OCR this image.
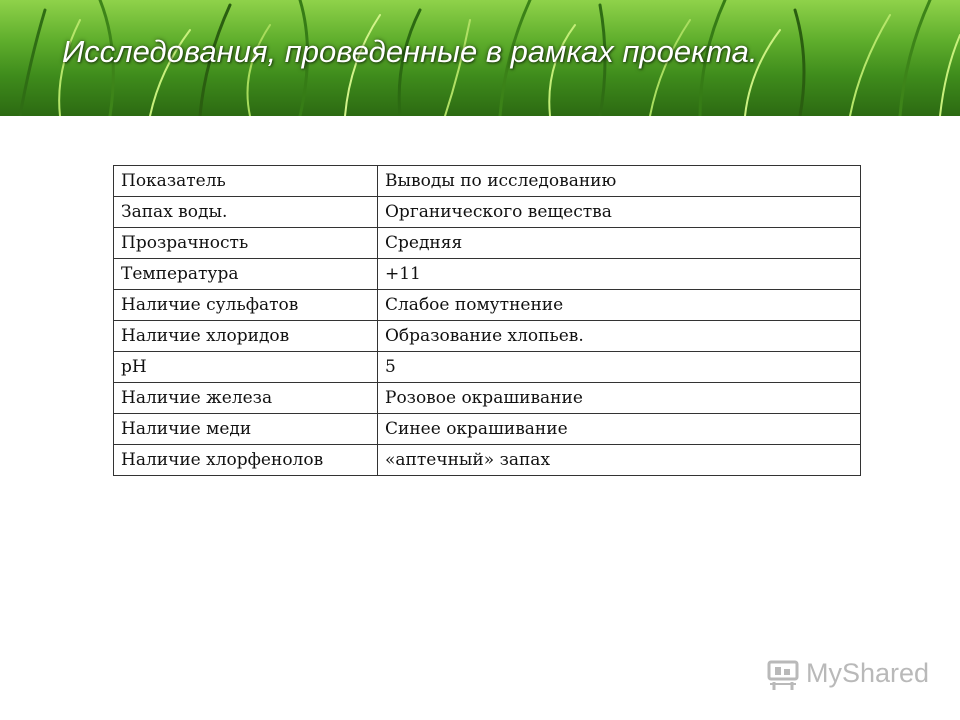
Исследования, проведенные в рамках проекта.
Показатель	Выводы по исследованию
Запах воды.	Органического вещества
Прозрачность	Средняя
Температура	+11
Наличие сульфатов	Слабое помутнение
Наличие хлоридов	Образование хлопьев.
pH	5
Наличие железа	Розовое окрашивание
Наличие меди	Синее окрашивание
Наличие хлорфенолов	«аптечный» запах
MyShared
